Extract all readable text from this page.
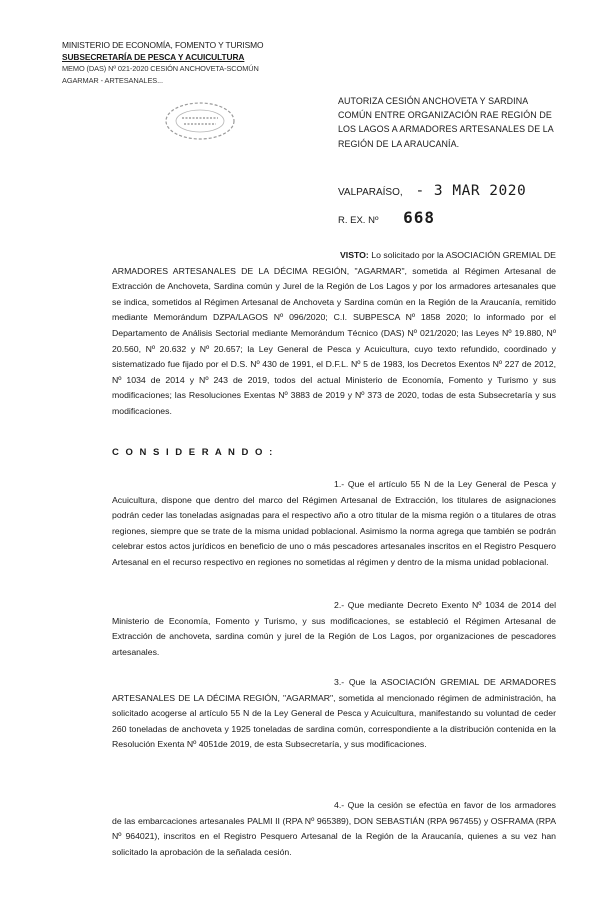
MINISTERIO DE ECONOMÍA, FOMENTO Y TURISMO
SUBSECRETARÍA DE PESCA Y ACUICULTURA
MEMO (DAS) Nº 021-2020 CESIÓN ANCHOVETA-SCOMÚN
AGARMAR - ARTESANALES...
AUTORIZA CESIÓN ANCHOVETA Y SARDINA COMÚN ENTRE ORGANIZACIÓN RAE REGIÓN DE LOS LAGOS A ARMADORES ARTESANALES DE LA REGIÓN DE LA ARAUCANÍA.
VALPARAÍSO, - 3 MAR 2020
R. EX. Nº 668
VISTO: Lo solicitado por la ASOCIACIÓN GREMIAL DE ARMADORES ARTESANALES DE LA DÉCIMA REGIÓN, "AGARMAR", sometida al Régimen Artesanal de Extracción de Anchoveta, Sardina común y Jurel de la Región de Los Lagos y por los armadores artesanales que se indica, sometidos al Régimen Artesanal de Anchoveta y Sardina común en la Región de la Araucanía, remitido mediante Memorándum DZPA/LAGOS Nº 096/2020; C.I. SUBPESCA Nº 1858 2020; lo informado por el Departamento de Análisis Sectorial mediante Memorándum Técnico (DAS) Nº 021/2020; las Leyes Nº 19.880, Nº 20.560, Nº 20.632 y Nº 20.657; la Ley General de Pesca y Acuicultura, cuyo texto refundido, coordinado y sistematizado fue fijado por el D.S. Nº 430 de 1991, el D.F.L. Nº 5 de 1983, los Decretos Exentos Nº 227 de 2012, Nº 1034 de 2014 y Nº 243 de 2019, todos del actual Ministerio de Economía, Fomento y Turismo y sus modificaciones; las Resoluciones Exentas Nº 3883 de 2019 y Nº 373 de 2020, todas de esta Subsecretaría y sus modificaciones.
C O N S I D E R A N D O :
1.- Que el artículo 55 N de la Ley General de Pesca y Acuicultura, dispone que dentro del marco del Régimen Artesanal de Extracción, los titulares de asignaciones podrán ceder las toneladas asignadas para el respectivo año a otro titular de la misma región o a titulares de otras regiones, siempre que se trate de la misma unidad poblacional. Asimismo la norma agrega que también se podrán celebrar estos actos jurídicos en beneficio de uno o más pescadores artesanales inscritos en el Registro Pesquero Artesanal en el recurso respectivo en regiones no sometidas al régimen y dentro de la misma unidad poblacional.
2.- Que mediante Decreto Exento Nº 1034 de 2014 del Ministerio de Economía, Fomento y Turismo, y sus modificaciones, se estableció el Régimen Artesanal de Extracción de anchoveta, sardina común y jurel de la Región de Los Lagos, por organizaciones de pescadores artesanales.
3.- Que la ASOCIACIÓN GREMIAL DE ARMADORES ARTESANALES DE LA DÉCIMA REGIÓN, "AGARMAR", sometida al mencionado régimen de administración, ha solicitado acogerse al artículo 55 N de la Ley General de Pesca y Acuicultura, manifestando su voluntad de ceder 260 toneladas de anchoveta y 1925 toneladas de sardina común, correspondiente a la distribución contenida en la Resolución Exenta Nº 4051de 2019, de esta Subsecretaría, y sus modificaciones.
4.- Que la cesión se efectúa en favor de los armadores de las embarcaciones artesanales PALMI II (RPA Nº 965389), DON SEBASTIÁN (RPA 967455) y OSFRAMA (RPA Nº 964021), inscritos en el Registro Pesquero Artesanal de la Región de la Araucanía, quienes a su vez han solicitado la aprobación de la señalada cesión.
